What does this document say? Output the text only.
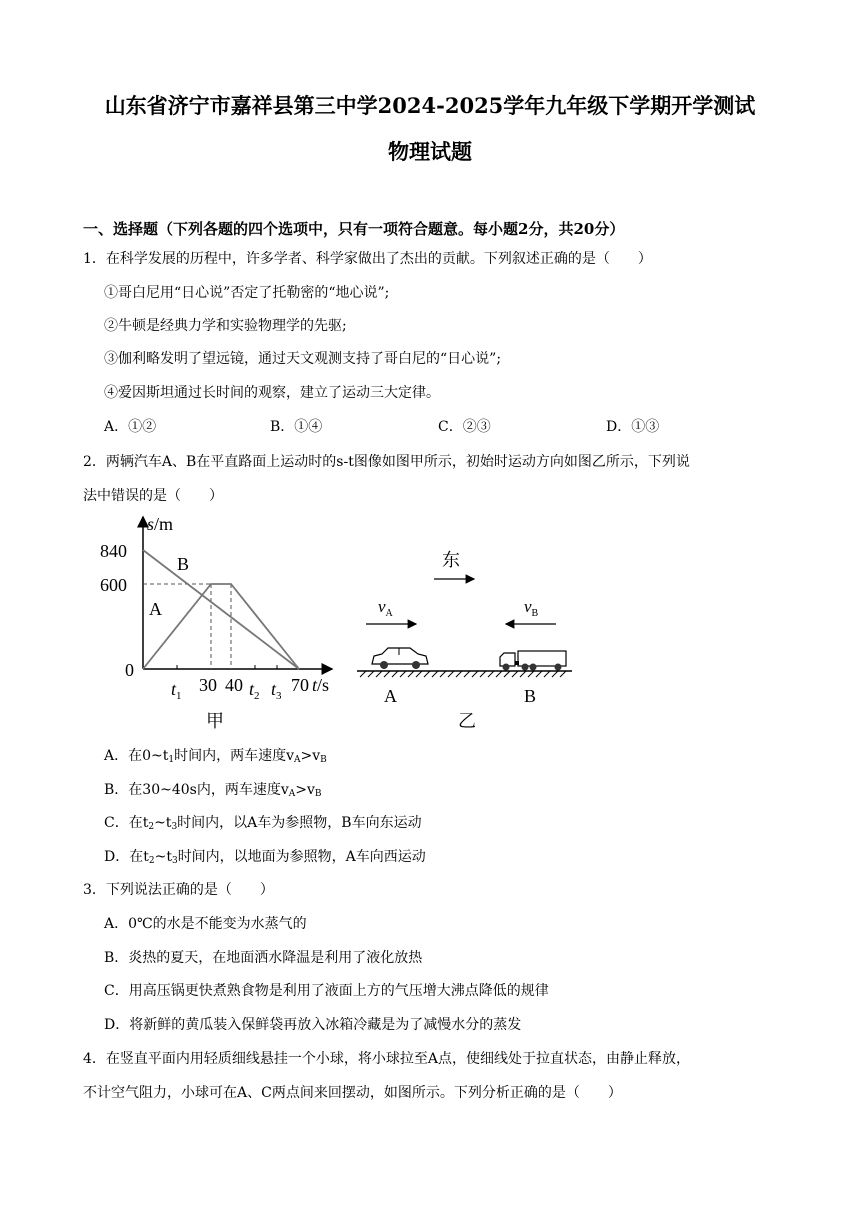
山东省济宁市嘉祥县第三中学2024-2025学年九年级下学期开学测试
物理试题
一、选择题（下列各题的四个选项中，只有一项符合题意。每小题2分，共20分）
1．在科学发展的历程中，许多学者、科学家做出了杰出的贡献。下列叙述正确的是（　　）
①哥白尼用“日心说”否定了托勒密的“地心说”;
②牛顿是经典力学和实验物理学的先驱;
③伽利略发明了望远镜，通过天文观测支持了哥白尼的“日心说”;
④爱因斯坦通过长时间的观察，建立了运动三大定律。
A．①②	B．①④	C．②③	D．①③
2．两辆汽车A、B在平直路面上运动时的s-t图像如图甲所示，初始时运动方向如图乙所示，下列说
法中错误的是（　　）
s/m
840
600
0
B
A
$t_1$
30 40 $t_2$ $t_3$
70 t/s
甲
东
$v_A$	$v_B$
A	B
乙
A．在$0\sim t_1$时间内，两车速度$v_A>v_B$
B．在30~40s内，两车速度$v_A>v_B$
C．在$t_2\sim t_3$时间内，以A车为参照物，B车向东运动
D．在$t_2\sim t_3$时间内，以地面为参照物，A车向西运动
3．下列说法正确的是（　　）
A．0℃的水是不能变为水蒸气的
B．炎热的夏天，在地面洒水降温是利用了液化放热
C．用高压锅更快煮熟食物是利用了液面上方的气压增大沸点降低的规律
D．将新鲜的黄瓜装入保鲜袋再放入冰箱冷藏是为了减慢水分的蒸发
4．在竖直平面内用轻质细线悬挂一个小球，将小球拉至A点，使细线处于拉直状态，由静止释放，
不计空气阻力，小球可在A、C两点间来回摆动，如图所示。下列分析正确的是（　　）
